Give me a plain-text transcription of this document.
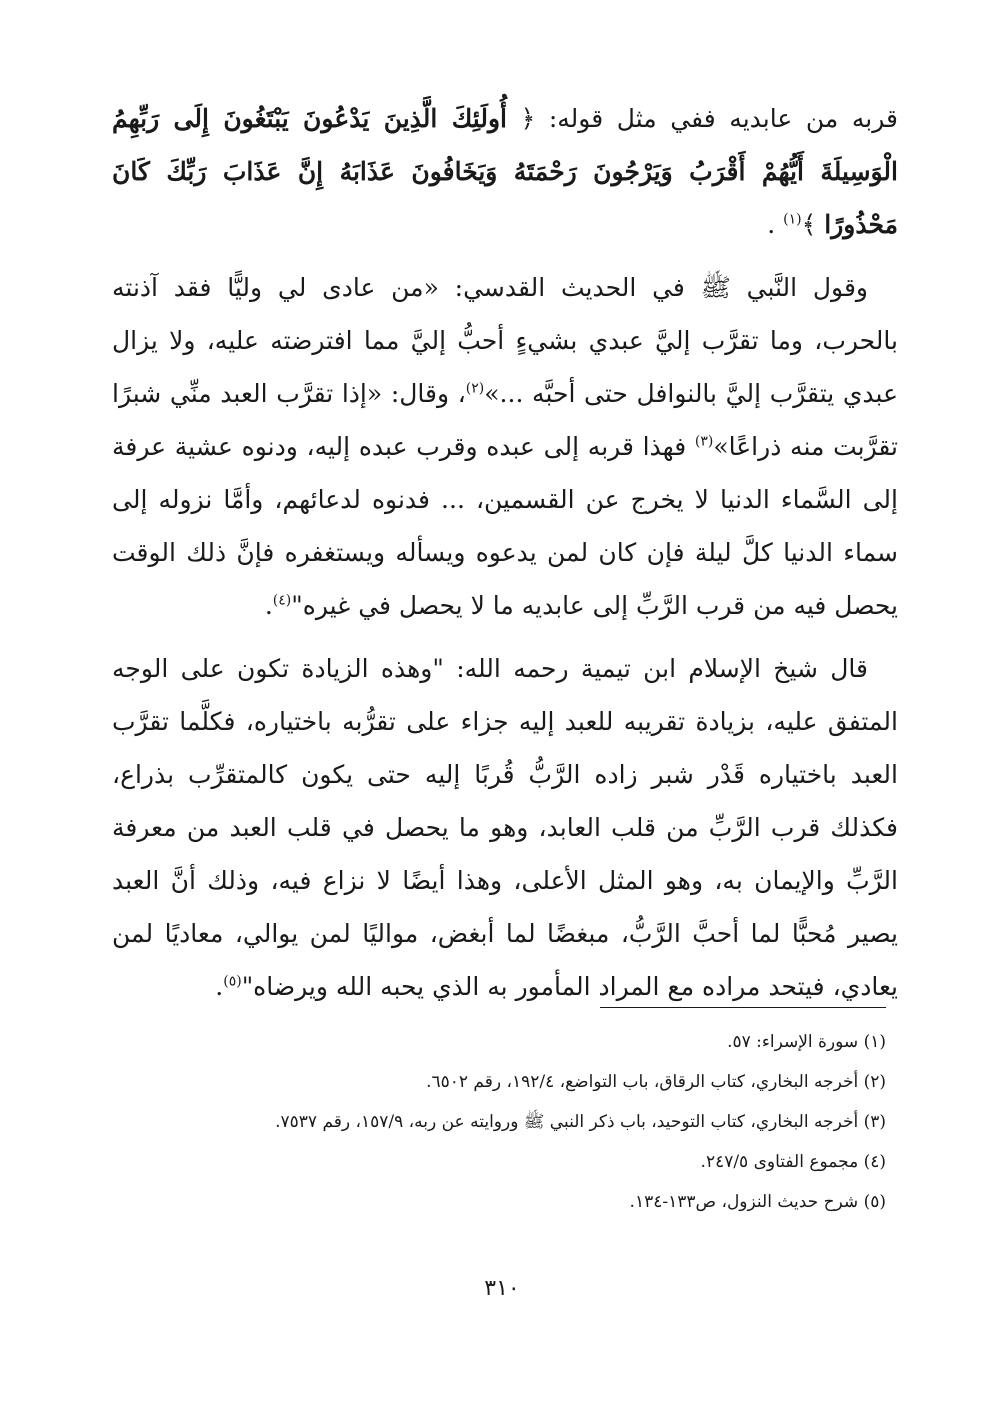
قربه من عابديه ففي مثل قوله: ﴿ أُولَئِكَ الَّذِينَ يَدْعُونَ يَبْتَغُونَ إِلَى رَبِّهِمُ الْوَسِيلَةَ أَيُّهُمْ أَقْرَبُ وَيَرْجُونَ رَحْمَتَهُ وَيَخَافُونَ عَذَابَهُ إِنَّ عَذَابَ رَبِّكَ كَانَ مَحْذُورًا ﴾$^{(١)}$ .

وقول النَّبي ﷺ في الحديث القدسي: «من عادى لي وليًّا فقد آذنته بالحرب، وما تقرَّب إليَّ عبدي بشيءٍ أحبُّ إليَّ مما افترضته عليه، ولا يزال عبدي يتقرَّب إليَّ بالنوافل حتى أحبَّه ...»$^{(٢)}$، وقال: «إذا تقرَّب العبد منِّي شبرًا تقرَّبت منه ذراعًا»$^{(٣)}$ فهذا قربه إلى عبده وقرب عبده إليه، ودنوه عشية عرفة إلى السَّماء الدنيا لا يخرج عن القسمين، ... فدنوه لدعائهم، وأمَّا نزوله إلى سماء الدنيا كلَّ ليلة فإن كان لمن يدعوه ويسأله ويستغفره فإنَّ ذلك الوقت يحصل فيه من قرب الرَّبِّ إلى عابديه ما لا يحصل في غيره"$^{(٤)}$.

قال شيخ الإسلام ابن تيمية رحمه الله: "وهذه الزيادة تكون على الوجه المتفق عليه، بزيادة تقريبه للعبد إليه جزاء على تقرُّبه باختياره، فكلَّما تقرَّب العبد باختياره قَدْر شبر زاده الرَّبُّ قُربًا إليه حتى يكون كالمتقرِّب بذراع، فكذلك قرب الرَّبِّ من قلب العابد، وهو ما يحصل في قلب العبد من معرفة الرَّبِّ والإيمان به، وهو المثل الأعلى، وهذا أيضًا لا نزاع فيه، وذلك أنَّ العبد يصير مُحبًّا لما أحبَّ الرَّبُّ، مبغضًا لما أبغض، مواليًا لمن يوالي، معاديًا لمن يعادي، فيتحد مراده مع المراد المأمور به الذي يحبه الله ويرضاه"$^{(٥)}$.

(١) سورة الإسراء: ٥٧.

(٢) أخرجه البخاري، كتاب الرقاق، باب التواضع، ١٩٢/٤، رقم ٦٥٠٢.

(٣) أخرجه البخاري، كتاب التوحيد، باب ذكر النبي ﷺ وروايته عن ربه، ١٥٧/٩، رقم ٧٥٣٧.

(٤) مجموع الفتاوى ٢٤٧/٥.

(٥) شرح حديث النزول، ص١٣٣-١٣٤.

٣١٠
